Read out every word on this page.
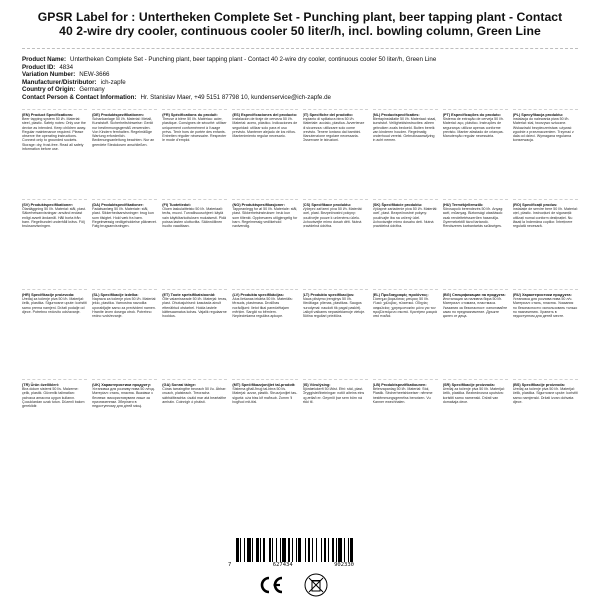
GPSR Label for : Untertheken Complete Set - Punching plant, beer tapping plant - Contact 40 2-wire dry cooler, continuous cooler 50 liter/h, incl. bowling column, Green Line
Product Name: Untertheken Complete Set - Punching plant, beer tapping plant - Contact 40 2-wire dry cooler, continuous cooler 50 liter/h, Green Line
Product ID: 4834
Variation Number: NEW-3666
Manufacturer/Distributor: ich-zapfe
Country of Origin: Germany
Contact Person & Contact Information: Hr. Stanislav Maer, +49 5151 87798 10, kundenservice@ich-zapfe.de
(EN) Product Specifications:
Beer tapping system 50 l/h. Material: steel, plastic. Safety notes: Only use the device as intended. Keep children away. Regular maintenance required. Please observe the operating instructions. Connect only to grounded sockets. Storage: dry, frost-free. Read all safety information before use.
(DE) Produktspezifikationen:
Schankanlage 50 l/h. Material: Metall, Kunststoff. Sicherheitshinweise: Gerät nur bestimmungsgemäß verwenden. Von Kindern fernhalten. Regelmäßige Wartung erforderlich. Bedienungsanleitung beachten. Nur an geerdete Steckdosen anschließen.
(FR) Spécifications du produit:
Tireuse à bière 50 l/h. Matériau: acier, plastique. Consignes de sécurité: utiliser uniquement conformément à l'usage prévu. Tenir hors de portée des enfants. Entretien régulier nécessaire. Respecter le mode d'emploi.
(ES) Especificaciones del producto:
Instalación de tiraje de cerveza 50 l/h. Material: acero, plástico. Indicaciones de seguridad: utilizar solo para el uso previsto. Mantener alejado de los niños. Mantenimiento regular necesario.
(IT) Specifiche del prodotto:
Impianto di spillatura birra 50 l/h. Materiale: acciaio, plastica. Avvertenze di sicurezza: utilizzare solo come previsto. Tenere lontano dai bambini. Manutenzione regolare necessaria. Osservare le istruzioni.
(NL) Productspecificaties:
Biertapinstallatie 50 l/h. Materiaal: staal, kunststof. Veiligheidsinstructies: alleen gebruiken zoals bedoeld. Buiten bereik van kinderen houden. Regelmatig onderhoud vereist. Gebruiksaanwijzing in acht nemen.
(PT) Especificações do produto:
Sistema de extração de cerveja 50 l/h. Material: aço, plástico. Instruções de segurança: utilizar apenas conforme previsto. Manter afastado de crianças. Manutenção regular necessária.
(PL) Specyfikacja produktu:
Instalacja do nalewania piwa 50 l/h. Materiał: stal, tworzywo sztuczne. Wskazówki bezpieczeństwa: używać zgodnie z przeznaczeniem. Trzymać z dala od dzieci. Wymagana regularna konserwacja.
(SV) Produktspecifikationer:
Ölanläggning 50 l/h. Material: stål, plast. Säkerhetsanvisningar: använd endast enligt avsett ändamål. Håll borta från barn. Regelbundet underhåll krävs. Följ bruksanvisningen.
(DA) Produktspecifikationer:
Fadølsanlæg 50 l/h. Materiale: stål, plast. Sikkerhedsanvisninger: brug kun som tilsigtet. Hold væk fra børn. Regelmæssig vedligeholdelse påkrævet. Følg brugsanvisningen.
(FI) Tuotetiedot:
Oluen laskulaitteisto 50 l/h. Materiaali: teräs, muovi. Turvallisuusohjeet: käytä vain käyttötarkoituksen mukaisesti. Pidä poissa lasten ulottuvilta. Säännöllinen huolto vaaditaan.
(NO) Produktspesifikasjoner:
Tappeanlegg for øl 50 l/h. Materiale: stål, plast. Sikkerhetsinstrukser: bruk kun som tiltenkt. Oppbevares utilgjengelig for barn. Regelmessig vedlikehold nødvendig.
(CS) Specifikace produktu:
Výčepní zařízení piva 50 l/h. Materiál: ocel, plast. Bezpečnostní pokyny: používejte pouze k určenému účelu. Uchovávejte mimo dosah dětí. Nutná pravidelná údržba.
(SK) Špecifikácie produktu:
Výčapné zariadenie piva 50 l/h. Materiál: oceľ, plast. Bezpečnostné pokyny: používajte iba na určený účel. Uchovávajte mimo dosahu detí. Nutná pravidelná údržba.
(HU) Termékjellemzők:
Sörcsapoló berendezés 50 l/h. Anyag: acél, műanyag. Biztonsági utasítások: csak rendeltetésszerűen használja. Gyermekektől távol tartandó. Rendszeres karbantartás szükséges.
(RO) Specificații produs:
Instalație de servire bere 50 l/h. Material: oțel, plastic. Instrucțiuni de siguranță: utilizați numai conform destinației. Nu lăsați la îndemâna copiilor. Întreținere regulată necesară.
(HR) Specifikacije proizvoda:
Uređaj za točenje piva 50 l/h. Materijal: čelik, plastika. Sigurnosne upute: koristiti samo prema namjeni. Držati podalje od djece. Potrebno redovito održavanje.
(SL) Specifikacije izdelka:
Naprava za točenje piva 50 l/h. Material: jeklo, plastika. Varnostna navodila: uporabljajte samo za predvideni namen. Hranite izven dosega otrok. Potrebno redno vzdrževanje.
(ET) Toote spetsifikatsioonid:
Õlle valamisseade 50 l/h. Materjal: teras, plast. Ohutusjuhised: kasutada ainult ettenähtud otstarbel. Hoida lastele kättesaamatus kohas. Vajalik regulaarne hooldus.
(LV) Produkta specifikācijas:
Alus liešanas iekārta 50 l/h. Materiāls: tērauds, plastmasa. Drošības norādījumi: lietot tikai paredzētajam mērķim. Sargāt no bērniem. Nepieciešama regulāra apkope.
(LT) Produkto specifikacijos:
Alaus pilstymo įrenginys 50 l/h. Medžiaga: plienas, plastikas. Saugos nurodymai: naudoti tik pagal paskirtį. Laikyti vaikams nepasiekiamoje vietoje. Būtina reguliari priežiūra.
(EL) Προδιαγραφές προϊόντος:
Σύστημα βαρελίσιας μπύρας 50 l/h. Υλικό: χάλυβας, πλαστικό. Οδηγίες ασφαλείας: χρησιμοποιείτε μόνο για τον προβλεπόμενο σκοπό. Κρατήστε μακριά από παιδιά.
(BG) Спецификации на продукта:
Инсталация за наливна бира 50 l/h. Материал: стомана, пластмаса. Указания за безопасност: използвайте само по предназначение. Дръжте далеч от деца.
(RU) Характеристики продукта:
Установка для розлива пива 50 л/ч. Материал: сталь, пластик. Указания по безопасности: использовать только по назначению. Хранить в недоступном для детей месте.
(TR) Ürün özellikleri:
Bira dolum sistemi 50 l/s. Malzeme: çelik, plastik. Güvenlik talimatları: yalnızca amacına uygun kullanın. Çocuklardan uzak tutun. Düzenli bakım gereklidir.
(UK) Характеристики продукту:
Установка для розливу пива 50 л/год. Матеріал: сталь, пластик. Вказівки з безпеки: використовувати лише за призначенням. Зберігати в недоступному для дітей місці.
(GA) Sonraí táirge:
Córas tarraingthe beorach 50 l/u. Ábhar: cruach, plaisteach. Treoracha sábháilteachta: úsáid mar atá beartaithe amháin. Coinnigh ó pháistí.
(MT) Speċifikazzjonijiet tal-prodott:
Sistema għall-ħruġ tal-birra 50 l/s. Materjal: azzar, plastik. Struzzjonijiet tas-sigurtà: uża biss kif maħsub. Żomm 'il bogħod mit-tfal.
(IS) Vörulýsing:
Bjórdælukerfi 50 l/klst. Efni: stál, plast. Öryggisleiðbeiningar: notið aðeins eins og ætlað er. Geymið þar sem börn ná ekki til.
(LB) Produktspezifikatiounen:
Béierzapanlag 50 l/h. Material: Stol, Plastik. Sécherheetshiweiser: nëmme bestëmmungsgeméiss benotzen. Vu Kanner ewechhalen.
(SR) Specifikacije proizvoda:
Uređaj za točenje piva 50 l/h. Materijal: čelik, plastika. Bezbednosna uputstva: koristiti samo namenski. Držati van domašaja dece.
(BS) Specifikacije proizvoda:
Uređaj za točenje piva 50 l/h. Materijal: čelik, plastika. Sigurnosne upute: koristiti samo namjenski. Držati izvan dohvata djece.
7	627434	902330
